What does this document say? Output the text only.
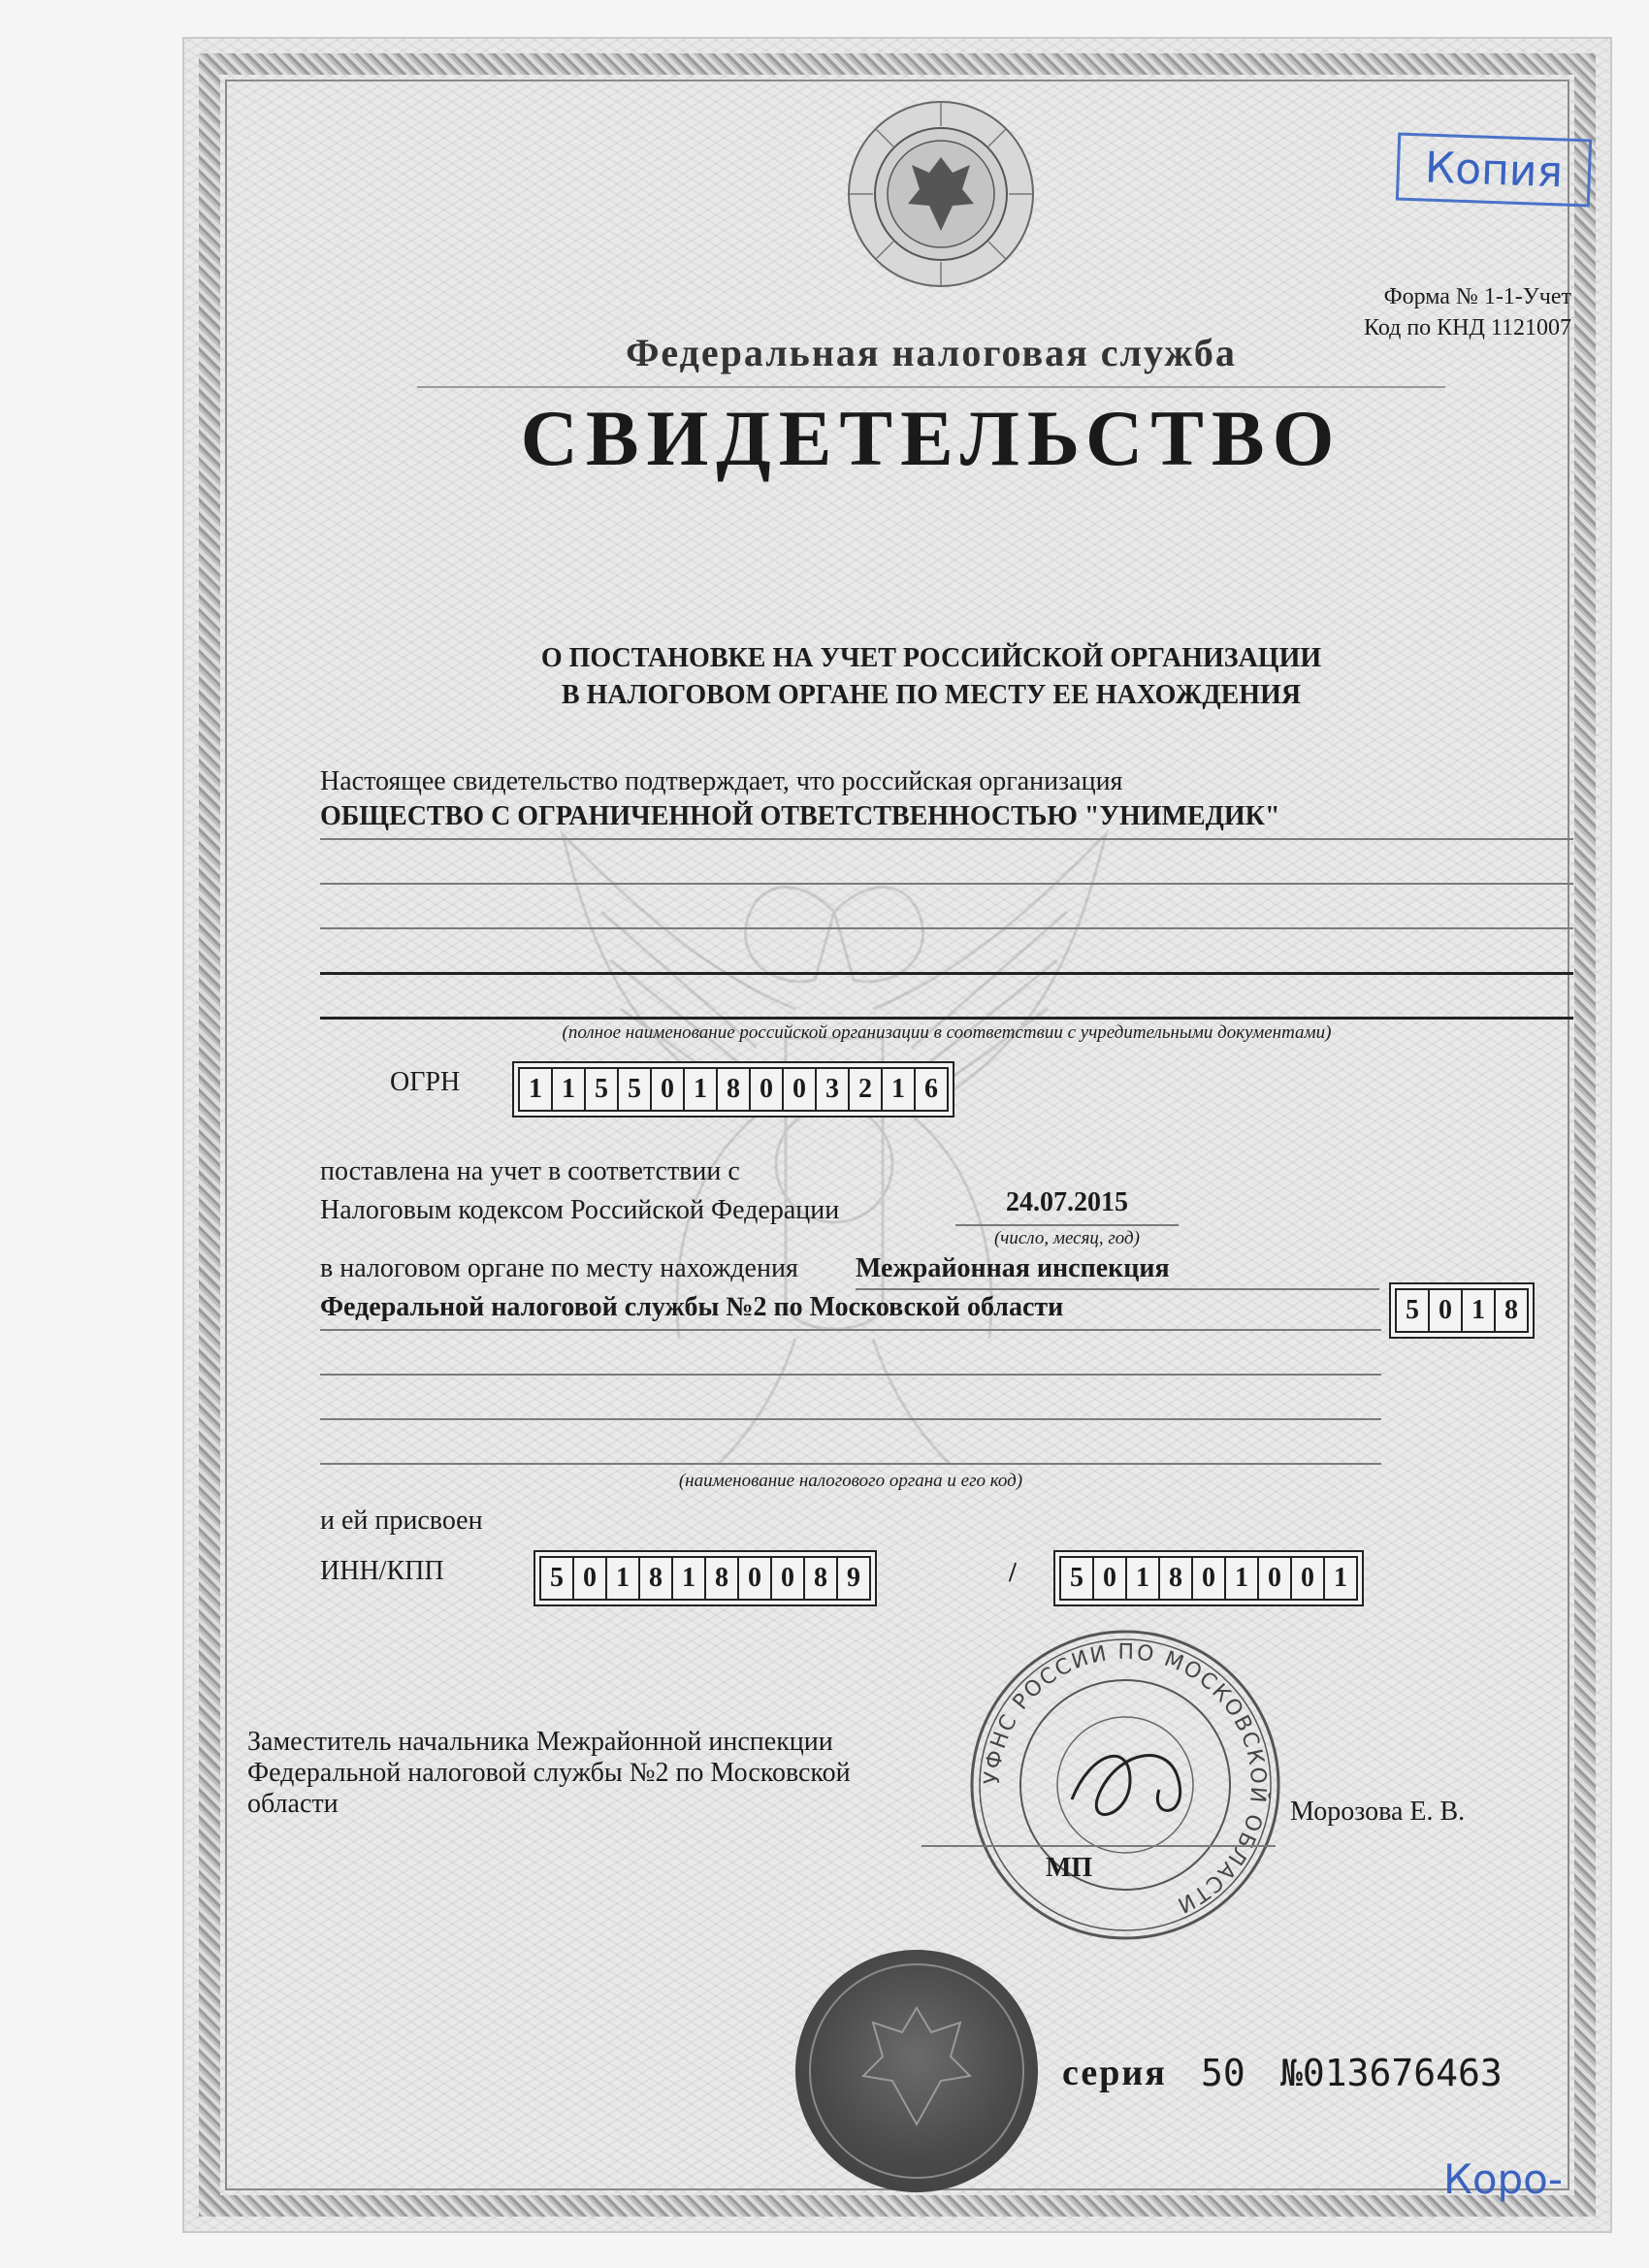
Копия
Форма № 1-1-Учет
Код по КНД 1121007
Федеральная налоговая служба
СВИДЕТЕЛЬСТВО
О ПОСТАНОВКЕ НА УЧЕТ РОССИЙСКОЙ ОРГАНИЗАЦИИ
В НАЛОГОВОМ ОРГАНЕ ПО МЕСТУ ЕЕ НАХОЖДЕНИЯ
Настоящее свидетельство подтверждает, что российская организация
ОБЩЕСТВО С ОГРАНИЧЕННОЙ ОТВЕТСТВЕННОСТЬЮ "УНИМЕДИК"
(полное наименование российской организации в соответствии с учредительными документами)
ОГРН	1 1 5 5 0 1 8 0 0 3 2 1 6
поставлена на учет в соответствии с
Налоговым кодексом Российской Федерации	24.07.2015
(число, месяц, год)
в налоговом органе по месту нахождения Межрайонная инспекция
Федеральной налоговой службы №2 по Московской области	5 0 1 8
(наименование налогового органа и его код)
и ей присвоен
ИНН/КПП	5 0 1 8 1 8 0 0 8 9	/	5 0 1 8 0 1 0 0 1
УФНС РОССИИ ПО МОСКОВСКОЙ ОБЛАСТИ
Заместитель начальника Межрайонной инспекции
Федеральной налоговой службы №2 по Московской
области	Морозова Е. В.
МП
серия 50 №013676463
Коро-
